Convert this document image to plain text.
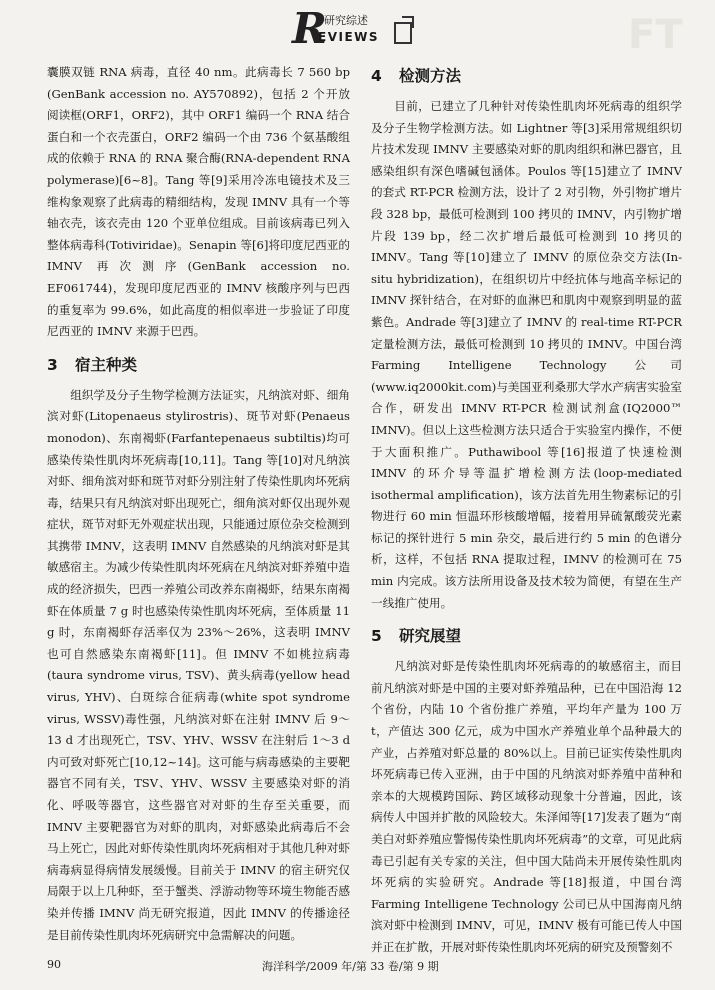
FT
R
研究综述
EVIEWS

囊膜双链 RNA 病毒，直径 40 nm。此病毒长 7 560 bp (GenBank accession no. AY570892)，包括 2 个开放阅读框(ORF1，ORF2)，其中 ORF1 编码一个 RNA 结合蛋白和一个衣壳蛋白，ORF2 编码一个由 736 个氨基酸组成的依赖于 RNA 的 RNA 聚合酶(RNA-dependent RNA polymerase)[6~8]。Tang 等[9]采用冷冻电镜技术及三维构象观察了此病毒的精细结构，发现 IMNV 具有一个等轴衣壳，该衣壳由 120 个亚单位组成。目前该病毒已列入整体病毒科(Totiviridae)。Senapin 等[6]将印度尼西亚的 IMNV 再次测序(GenBank accession no. EF061744)，发现印度尼西亚的 IMNV 核酸序列与巴西的重复率为 99.6%，如此高度的相似率进一步验证了印度尼西亚的 IMNV 来源于巴西。

3 宿主种类

组织学及分子生物学检测方法证实，凡纳滨对虾、细角滨对虾(Litopenaeus stylirostris)、斑节对虾(Penaeus monodon)、东南褐虾(Farfantepenaeus subtiltis)均可感染传染性肌肉坏死病毒[10,11]。Tang 等[10]对凡纳滨对虾、细角滨对虾和斑节对虾分别注射了传染性肌肉坏死病毒，结果只有凡纳滨对虾出现死亡，细角滨对虾仅出现外观症状，斑节对虾无外观症状出现，只能通过原位杂交检测到其携带 IMNV，这表明 IMNV 自然感染的凡纳滨对虾是其敏感宿主。为减少传染性肌肉坏死病在凡纳滨对虾养殖中造成的经济损失，巴西一养殖公司改养东南褐虾，结果东南褐虾在体质量 7 g 时也感染传染性肌肉坏死病，至体质量 11 g 时，东南褐虾存活率仅为 23%～26%，这表明 IMNV 也可自然感染东南褐虾[11]。但 IMNV 不如桃拉病毒 (taura syndrome virus, TSV)、黄头病毒(yellow head virus, YHV)、白斑综合征病毒(white spot syndrome virus, WSSV)毒性强，凡纳滨对虾在注射 IMNV 后 9～13 d 才出现死亡，TSV、YHV、WSSV 在注射后 1～3 d 内可致对虾死亡[10,12~14]。这可能与病毒感染的主要靶器官不同有关，TSV、YHV、WSSV 主要感染对虾的消化、呼吸等器官，这些器官对对虾的生存至关重要，而 IMNV 主要靶器官为对虾的肌肉，对虾感染此病毒后不会马上死亡，因此对虾传染性肌肉坏死病相对于其他几种对虾病毒病显得病情发展缓慢。目前关于 IMNV 的宿主研究仅局限于以上几种虾，至于蟹类、浮游动物等环境生物能否感染并传播 IMNV 尚无研究报道，因此 IMNV 的传播途径是目前传染性肌肉坏死病研究中急需解决的问题。

4 检测方法

目前，已建立了几种针对传染性肌肉坏死病毒的组织学及分子生物学检测方法。如 Lightner 等[3]采用常规组织切片技术发现 IMNV 主要感染对虾的肌肉组织和淋巴器官，且感染组织有深色嗜碱包涵体。Poulos 等[15]建立了 IMNV 的套式 RT-PCR 检测方法，设计了 2 对引物，外引物扩增片段 328 bp，最低可检测到 100 拷贝的 IMNV，内引物扩增片段 139 bp，经二次扩增后最低可检测到 10 拷贝的 IMNV。Tang 等[10]建立了 IMNV 的原位杂交方法(In-situ hybridization)，在组织切片中经抗体与地高辛标记的 IMNV 探针结合，在对虾的血淋巴和肌肉中观察到明显的蓝紫色。Andrade 等[3]建立了 IMNV 的 real-time RT-PCR 定量检测方法，最低可检测到 10 拷贝的 IMNV。中国台湾 Farming Intelligene Technology 公司(www.iq2000kit.com)与美国亚利桑那大学水产病害实验室合作，研发出 IMNV RT-PCR 检测试剂盒(IQ2000™ IMNV)。但以上这些检测方法只适合于实验室内操作，不便于大面积推广。Puthawibool 等[16]报道了快速检测 IMNV 的环介导等温扩增检测方法(loop-mediated isothermal amplification)，该方法首先用生物素标记的引物进行 60 min 恒温环形核酸增幅，接着用异硫氰酸荧光素标记的探针进行 5 min 杂交，最后进行约 5 min 的色谱分析，这样，不包括 RNA 提取过程，IMNV 的检测可在 75 min 内完成。该方法所用设备及技术较为简便，有望在生产一线推广使用。

5 研究展望

凡纳滨对虾是传染性肌肉坏死病毒的的敏感宿主，而目前凡纳滨对虾是中国的主要对虾养殖品种，已在中国沿海 12 个省份，内陆 10 个省份推广养殖，平均年产量为 100 万 t，产值达 300 亿元，成为中国水产养殖业单个品种最大的产业，占养殖对虾总量的 80%以上。目前已证实传染性肌肉坏死病毒已传入亚洲，由于中国的凡纳滨对虾养殖中苗种和亲本的大规模跨国际、跨区域移动现象十分普遍，因此，该病传人中国并扩散的风险较大。朱泽闻等[17]发表了题为“南美白对虾养殖应警惕传染性肌肉坏死病毒”的文章，可见此病毒已引起有关专家的关注，但中国大陆尚未开展传染性肌肉坏死病的实验研究。Andrade 等[18]报道，中国台湾 Farming Intelligene Technology 公司已从中国海南凡纳滨对虾中检测到 IMNV，可见，IMNV 极有可能已传人中国并正在扩散，开展对虾传染性肌肉坏死病的研究及预警刻不

90	海洋科学/2009 年/第 33 卷/第 9 期
